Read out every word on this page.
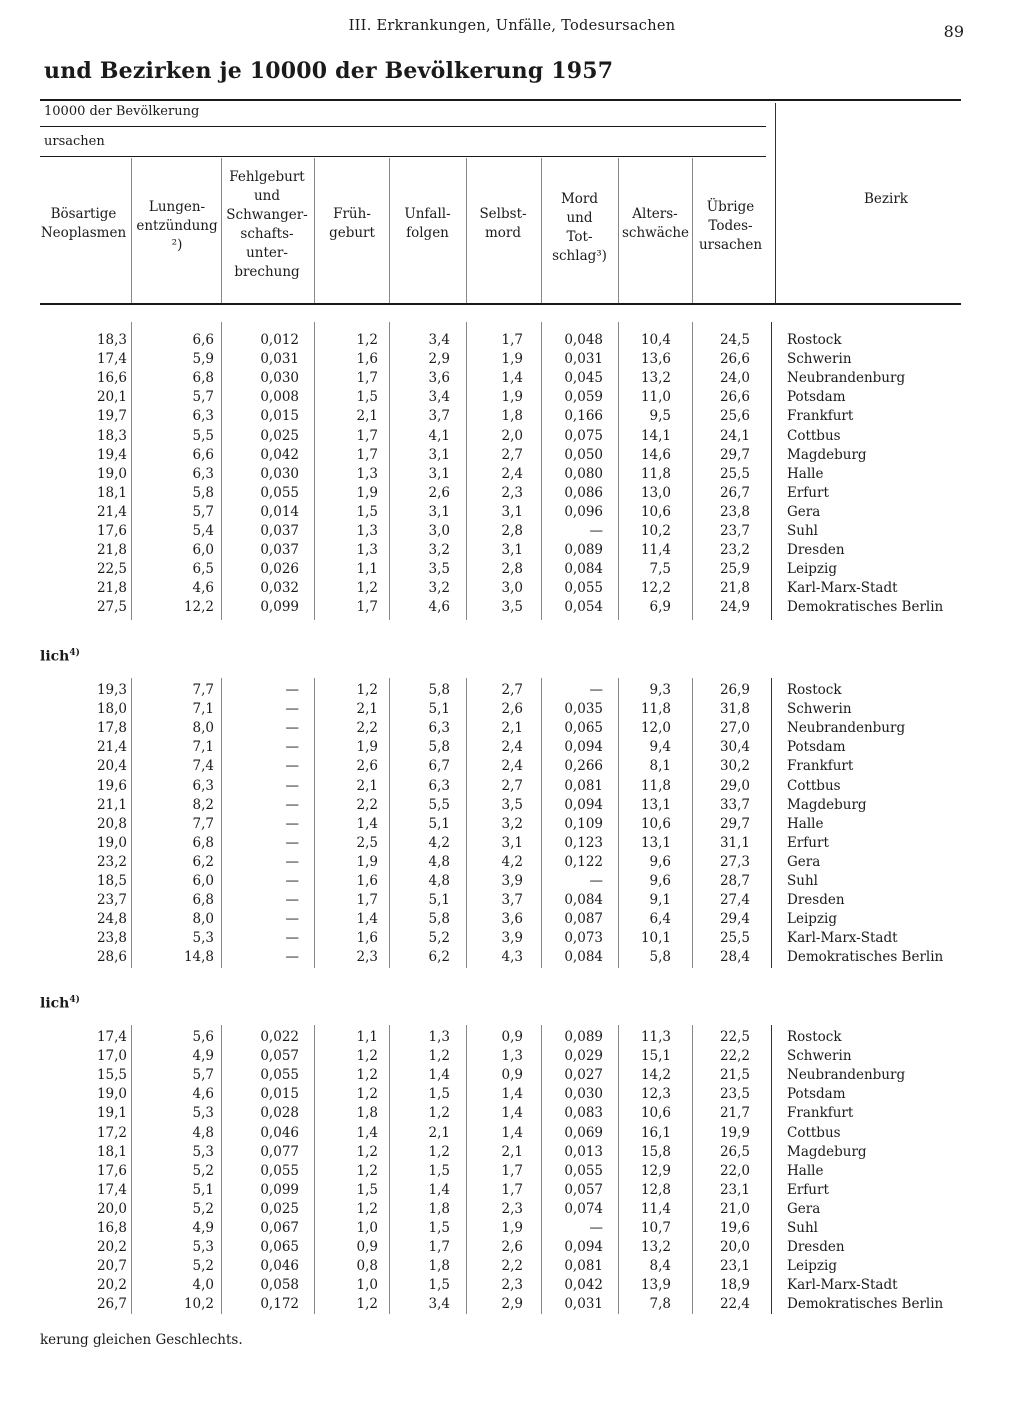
III. Erkrankungen, Unfälle, Todesursachen	89
und Bezirken je 10000 der Bevölkerung 1957
10000 der Bevölkerung
ursachen
Bösartige
Neoplasmen
Lungen-
entzündung
²)
Fehlgeburt
und
Schwanger-
schafts-
unter-
brechung
Früh-
geburt
Unfall-
folgen
Selbst-
mord
Mord
und
Tot-
schlag³)
Alters-
schwäche
Übrige
Todes-
ursachen
Bezirk
18,3	6,6	0,012	1,2	3,4	1,7	0,048	10,4	24,5	Rostock
17,4	5,9	0,031	1,6	2,9	1,9	0,031	13,6	26,6	Schwerin
16,6	6,8	0,030	1,7	3,6	1,4	0,045	13,2	24,0	Neubrandenburg
20,1	5,7	0,008	1,5	3,4	1,9	0,059	11,0	26,6	Potsdam
19,7	6,3	0,015	2,1	3,7	1,8	0,166	9,5	25,6	Frankfurt
18,3	5,5	0,025	1,7	4,1	2,0	0,075	14,1	24,1	Cottbus
19,4	6,6	0,042	1,7	3,1	2,7	0,050	14,6	29,7	Magdeburg
19,0	6,3	0,030	1,3	3,1	2,4	0,080	11,8	25,5	Halle
18,1	5,8	0,055	1,9	2,6	2,3	0,086	13,0	26,7	Erfurt
21,4	5,7	0,014	1,5	3,1	3,1	0,096	10,6	23,8	Gera
17,6	5,4	0,037	1,3	3,0	2,8	—	10,2	23,7	Suhl
21,8	6,0	0,037	1,3	3,2	3,1	0,089	11,4	23,2	Dresden
22,5	6,5	0,026	1,1	3,5	2,8	0,084	7,5	25,9	Leipzig
21,8	4,6	0,032	1,2	3,2	3,0	0,055	12,2	21,8	Karl-Marx-Stadt
27,5	12,2	0,099	1,7	4,6	3,5	0,054	6,9	24,9	Demokratisches Berlin
lich$^{4)}$
19,3	7,7	—	1,2	5,8	2,7	—	9,3	26,9	Rostock
18,0	7,1	—	2,1	5,1	2,6	0,035	11,8	31,8	Schwerin
17,8	8,0	—	2,2	6,3	2,1	0,065	12,0	27,0	Neubrandenburg
21,4	7,1	—	1,9	5,8	2,4	0,094	9,4	30,4	Potsdam
20,4	7,4	—	2,6	6,7	2,4	0,266	8,1	30,2	Frankfurt
19,6	6,3	—	2,1	6,3	2,7	0,081	11,8	29,0	Cottbus
21,1	8,2	—	2,2	5,5	3,5	0,094	13,1	33,7	Magdeburg
20,8	7,7	—	1,4	5,1	3,2	0,109	10,6	29,7	Halle
19,0	6,8	—	2,5	4,2	3,1	0,123	13,1	31,1	Erfurt
23,2	6,2	—	1,9	4,8	4,2	0,122	9,6	27,3	Gera
18,5	6,0	—	1,6	4,8	3,9	—	9,6	28,7	Suhl
23,7	6,8	—	1,7	5,1	3,7	0,084	9,1	27,4	Dresden
24,8	8,0	—	1,4	5,8	3,6	0,087	6,4	29,4	Leipzig
23,8	5,3	—	1,6	5,2	3,9	0,073	10,1	25,5	Karl-Marx-Stadt
28,6	14,8	—	2,3	6,2	4,3	0,084	5,8	28,4	Demokratisches Berlin
lich$^{4)}$
17,4	5,6	0,022	1,1	1,3	0,9	0,089	11,3	22,5	Rostock
17,0	4,9	0,057	1,2	1,2	1,3	0,029	15,1	22,2	Schwerin
15,5	5,7	0,055	1,2	1,4	0,9	0,027	14,2	21,5	Neubrandenburg
19,0	4,6	0,015	1,2	1,5	1,4	0,030	12,3	23,5	Potsdam
19,1	5,3	0,028	1,8	1,2	1,4	0,083	10,6	21,7	Frankfurt
17,2	4,8	0,046	1,4	2,1	1,4	0,069	16,1	19,9	Cottbus
18,1	5,3	0,077	1,2	1,2	2,1	0,013	15,8	26,5	Magdeburg
17,6	5,2	0,055	1,2	1,5	1,7	0,055	12,9	22,0	Halle
17,4	5,1	0,099	1,5	1,4	1,7	0,057	12,8	23,1	Erfurt
20,0	5,2	0,025	1,2	1,8	2,3	0,074	11,4	21,0	Gera
16,8	4,9	0,067	1,0	1,5	1,9	—	10,7	19,6	Suhl
20,2	5,3	0,065	0,9	1,7	2,6	0,094	13,2	20,0	Dresden
20,7	5,2	0,046	0,8	1,8	2,2	0,081	8,4	23,1	Leipzig
20,2	4,0	0,058	1,0	1,5	2,3	0,042	13,9	18,9	Karl-Marx-Stadt
26,7	10,2	0,172	1,2	3,4	2,9	0,031	7,8	22,4	Demokratisches Berlin
kerung gleichen Geschlechts.
